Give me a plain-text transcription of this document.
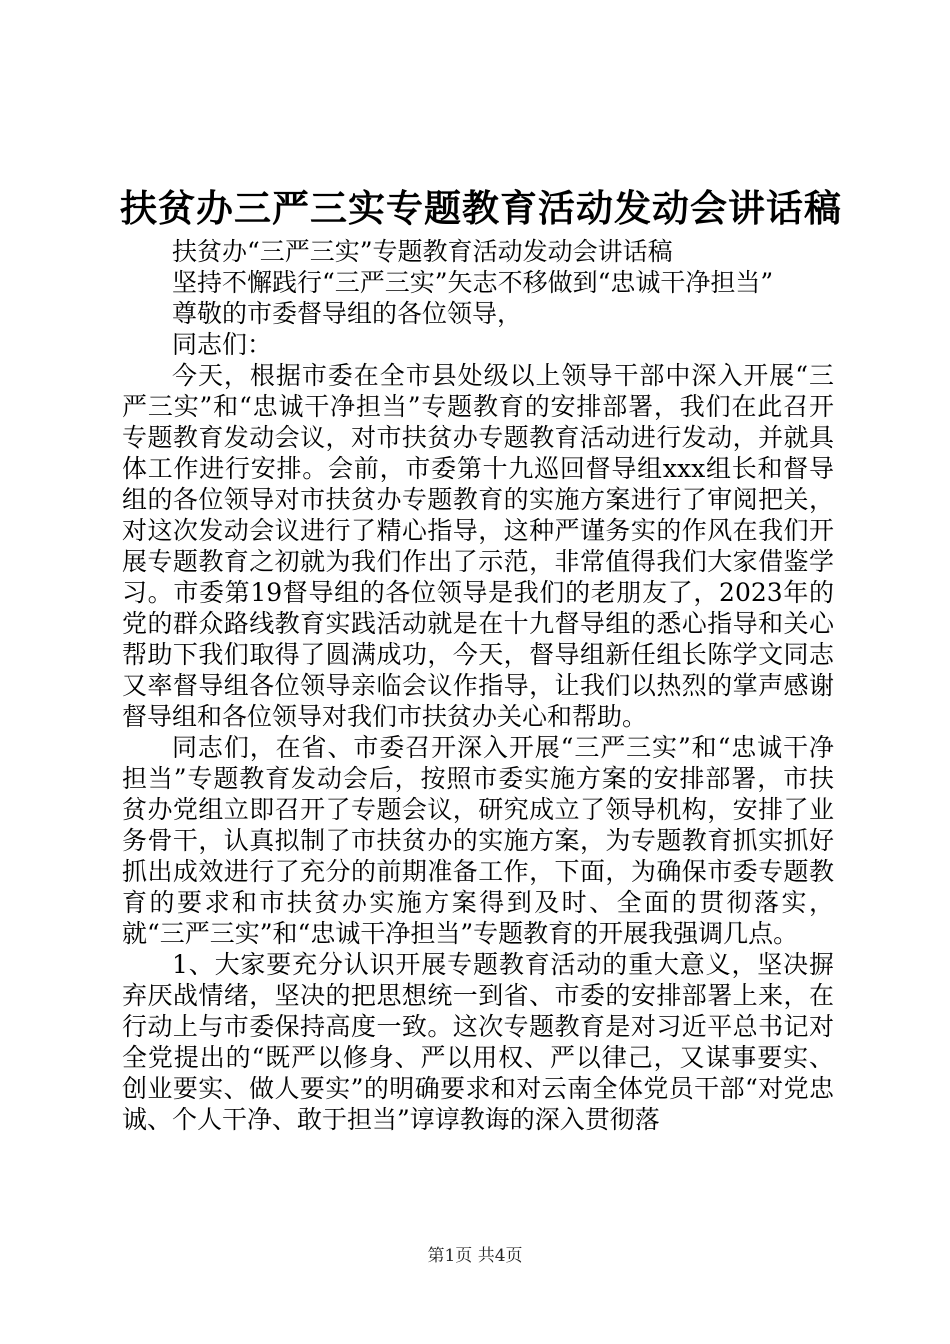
扶贫办三严三实专题教育活动发动会讲话稿

扶贫办“三严三实”专题教育活动发动会讲话稿

坚持不懈践行“三严三实”矢志不移做到“忠诚干净担当”

尊敬的市委督导组的各位领导，

同志们：

今天，根据市委在全市县处级以上领导干部中深入开展“三严三实”和“忠诚干净担当”专题教育的安排部署，我们在此召开专题教育发动会议，对市扶贫办专题教育活动进行发动，并就具体工作进行安排。会前，市委第十九巡回督导组xxx组长和督导组的各位领导对市扶贫办专题教育的实施方案进行了审阅把关，对这次发动会议进行了精心指导，这种严谨务实的作风在我们开展专题教育之初就为我们作出了示范，非常值得我们大家借鉴学习。市委第19督导组的各位领导是我们的老朋友了，2023年的党的群众路线教育实践活动就是在十九督导组的悉心指导和关心帮助下我们取得了圆满成功，今天，督导组新任组长陈学文同志又率督导组各位领导亲临会议作指导，让我们以热烈的掌声感谢督导组和各位领导对我们市扶贫办关心和帮助。

同志们，在省、市委召开深入开展“三严三实”和“忠诚干净担当”专题教育发动会后，按照市委实施方案的安排部署，市扶贫办党组立即召开了专题会议，研究成立了领导机构，安排了业务骨干，认真拟制了市扶贫办的实施方案，为专题教育抓实抓好抓出成效进行了充分的前期准备工作，下面，为确保市委专题教育的要求和市扶贫办实施方案得到及时、全面的贯彻落实，就“三严三实”和“忠诚干净担当”专题教育的开展我强调几点。

1、大家要充分认识开展专题教育活动的重大意义，坚决摒弃厌战情绪，坚决的把思想统一到省、市委的安排部署上来，在行动上与市委保持高度一致。这次专题教育是对习近平总书记对全党提出的“既严以修身、严以用权、严以律己，又谋事要实、创业要实、做人要实”的明确要求和对云南全体党员干部“对党忠诚、个人干净、敢于担当”谆谆教诲的深入贯彻落

第1页 共4页
